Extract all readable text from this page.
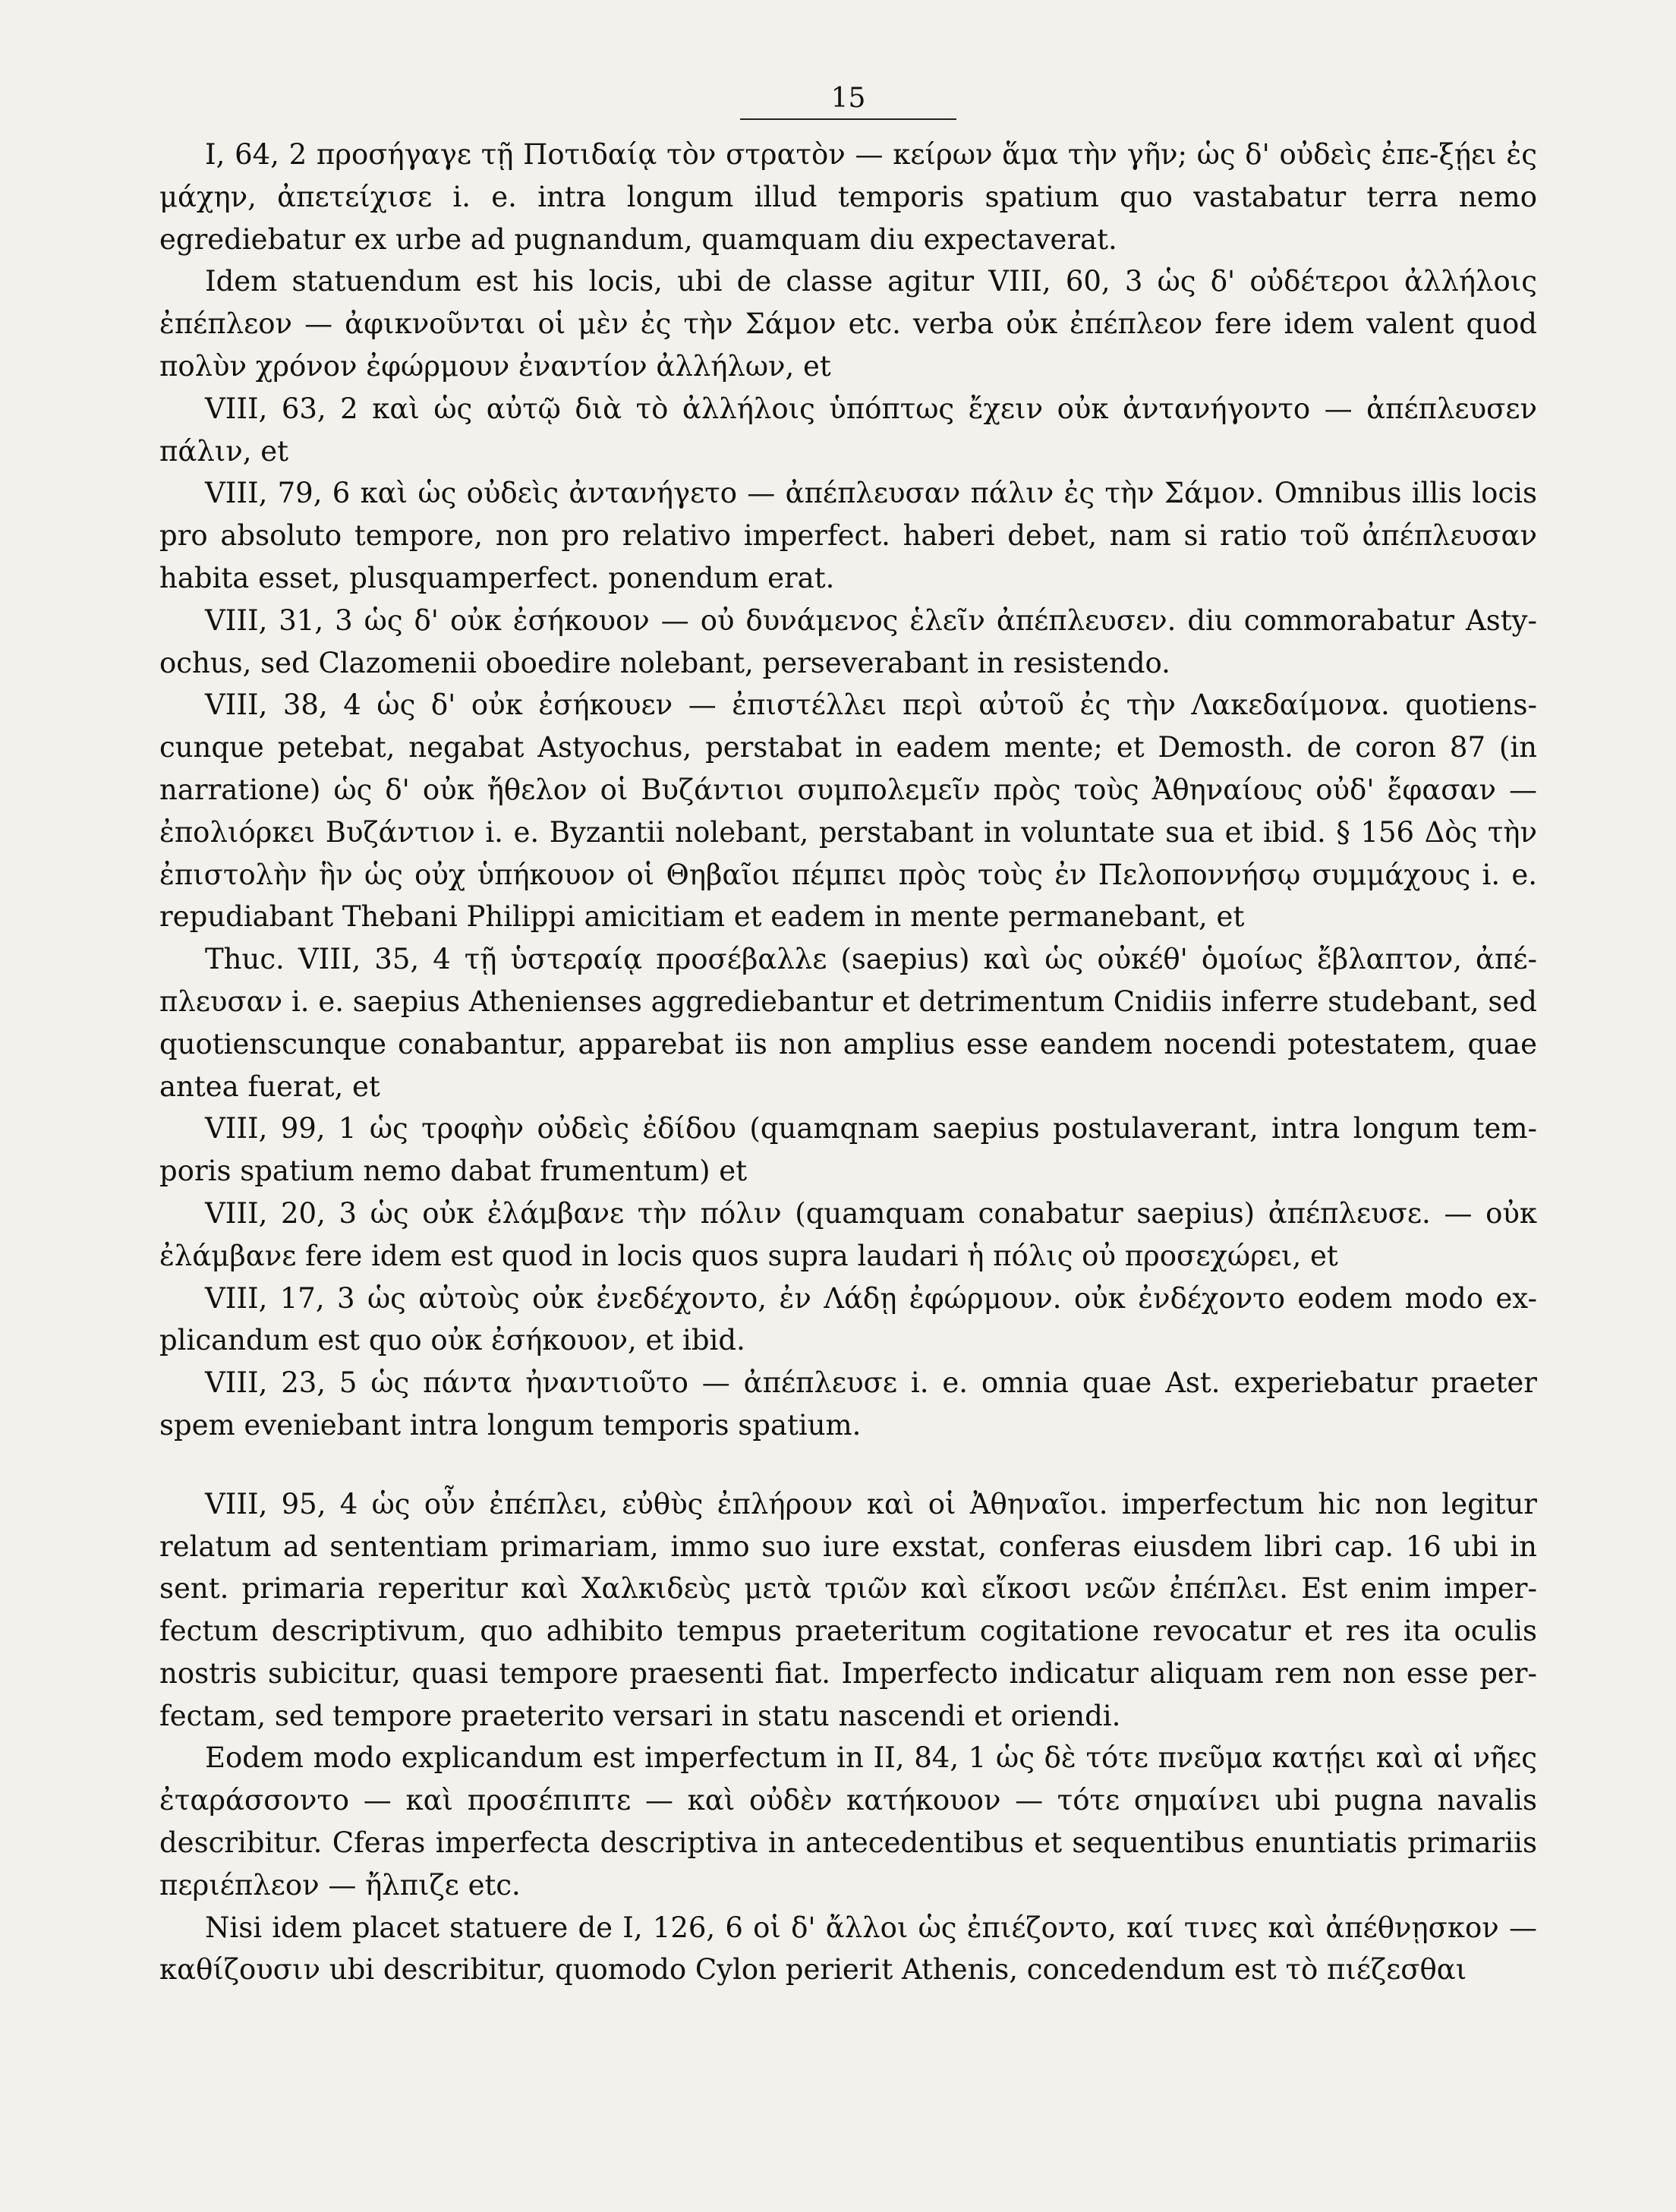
15

I, 64, 2 προσήγαγε τῇ Ποτιδαίᾳ τὸν στρατὸν — κείρων ἅμα τὴν γῆν; ὡς δ' οὐδεὶς ἐπε-ξῄει ἐς μάχην, ἀπετείχισε i. e. intra longum illud temporis spatium quo vastabatur terra nemo egrediebatur ex urbe ad pugnandum, quamquam diu expectaverat.

Idem statuendum est his locis, ubi de classe agitur VIII, 60, 3 ὡς δ' οὐδέτεροι ἀλλήλοις ἐπέπλεον — ἀφικνοῦνται οἱ μὲν ἐς τὴν Σάμον etc. verba οὐκ ἐπέπλεον fere idem valent quod πολὺν χρόνον ἐφώρμουν ἐναντίον ἀλλήλων, et

VIII, 63, 2 καὶ ὡς αὐτῷ διὰ τὸ ἀλλήλοις ὑπόπτως ἔχειν οὐκ ἀντανήγοντο — ἀπέπλευσεν πάλιν, et

VIII, 79, 6 καὶ ὡς οὐδεὶς ἀντανήγετο — ἀπέπλευσαν πάλιν ἐς τὴν Σάμον. Omnibus illis locis pro absoluto tempore, non pro relativo imperfect. haberi debet, nam si ratio τοῦ ἀπέπλευσαν habita esset, plusquamperfect. ponendum erat.

VIII, 31, 3 ὡς δ' οὐκ ἐσήκουον — οὐ δυνάμενος ἑλεῖν ἀπέπλευσεν. diu commorabatur Asty-ochus, sed Clazomenii oboedire nolebant, perseverabant in resistendo.

VIII, 38, 4 ὡς δ' οὐκ ἐσήκουεν — ἐπιστέλλει περὶ αὐτοῦ ἐς τὴν Λακεδαίμονα. quotiens-cunque petebat, negabat Astyochus, perstabat in eadem mente; et Demosth. de coron 87 (in narratione) ὡς δ' οὐκ ἤθελον οἱ Βυζάντιοι συμπολεμεῖν πρὸς τοὺς Ἀθηναίους οὐδ' ἔφασαν — ἐπολιόρκει Βυζάντιον i. e. Byzantii nolebant, perstabant in voluntate sua et ibid. § 156 Δὸς τὴν ἐπιστολὴν ἣν ὡς οὐχ ὑπήκουον οἱ Θηβαῖοι πέμπει πρὸς τοὺς ἐν Πελοποννήσῳ συμμάχους i. e. repudiabant Thebani Philippi amicitiam et eadem in mente permanebant, et

Thuc. VIII, 35, 4 τῇ ὑστεραίᾳ προσέβαλλε (saepius) καὶ ὡς οὐκέθ' ὁμοίως ἔβλαπτον, ἀπέ-πλευσαν i. e. saepius Athenienses aggrediebantur et detrimentum Cnidiis inferre studebant, sed quotienscunque conabantur, apparebat iis non amplius esse eandem nocendi potestatem, quae antea fuerat, et

VIII, 99, 1 ὡς τροφὴν οὐδεὶς ἐδίδου (quamqnam saepius postulaverant, intra longum tem-poris spatium nemo dabat frumentum) et

VIII, 20, 3 ὡς οὐκ ἐλάμβανε τὴν πόλιν (quamquam conabatur saepius) ἀπέπλευσε. — οὐκ ἐλάμβανε fere idem est quod in locis quos supra laudari ἡ πόλις οὐ προσεχώρει, et

VIII, 17, 3 ὡς αὐτοὺς οὐκ ἐνεδέχοντο, ἐν Λάδῃ ἐφώρμουν. οὐκ ἐνδέχοντο eodem modo ex-plicandum est quo οὐκ ἐσήκουον, et ibid.

VIII, 23, 5 ὡς πάντα ἠναντιοῦτο — ἀπέπλευσε i. e. omnia quae Ast. experiebatur praeter spem eveniebant intra longum temporis spatium.

VIII, 95, 4 ὡς οὖν ἐπέπλει, εὐθὺς ἐπλήρουν καὶ οἱ Ἀθηναῖοι. imperfectum hic non legitur relatum ad sententiam primariam, immo suo iure exstat, conferas eiusdem libri cap. 16 ubi in sent. primaria reperitur καὶ Χαλκιδεὺς μετὰ τριῶν καὶ εἴκοσι νεῶν ἐπέπλει. Est enim imper-fectum descriptivum, quo adhibito tempus praeteritum cogitatione revocatur et res ita oculis nostris subicitur, quasi tempore praesenti fiat. Imperfecto indicatur aliquam rem non esse per-fectam, sed tempore praeterito versari in statu nascendi et oriendi.

Eodem modo explicandum est imperfectum in II, 84, 1 ὡς δὲ τότε πνεῦμα κατῄει καὶ αἱ νῆες ἐταράσσοντο — καὶ προσέπιπτε — καὶ οὐδὲν κατήκουον — τότε σημαίνει ubi pugna navalis describitur. Cferas imperfecta descriptiva in antecedentibus et sequentibus enuntiatis primariis περιέπλεον — ἤλπιζε etc.

Nisi idem placet statuere de I, 126, 6 οἱ δ' ἄλλοι ὡς ἐπιέζοντο, καί τινες καὶ ἀπέθνῃσκον — καθίζουσιν ubi describitur, quomodo Cylon perierit Athenis, concedendum est τὸ πιέζεσθαι
